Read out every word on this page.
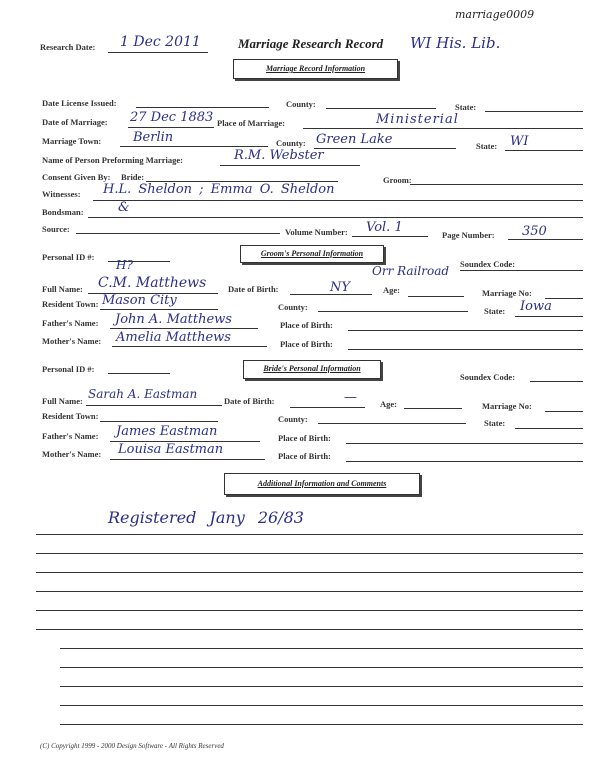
marriage0009
Research Date: 1 Dec 2011	Marriage Research Record WI His. Lib.
Marriage Record Information
Date License Issued:	County:	State:
Date of Marriage: 27 Dec 1883 Place of Marriage:	Ministerial
Marriage Town: Berlin	County: Green Lake	State: WI
Name of Person Preforming Marriage:	R.M. Webster
Consent Given By: Bride:	Groom:
Witnesses: H.L. Sheldon ; Emma O. Sheldon
Bondsman:	&
Source:	Volume Number: Vol. 1	Page Number: 350
Personal ID #:	Groom's Personal Information
Soundex Code:
H?	Orr Railroad
Full Name: C.M. Matthews	Date of Birth:	NY	Age:	Marriage No:
Resident Town: Mason City	County:	State: Iowa
Father's Name: John A. Matthews	Place of Birth:
Mother's Name: Amelia Matthews	Place of Birth:
Personal ID #:	Bride's Personal Information
Soundex Code:
Full Name: Sarah A. Eastman	Date of Birth:	—	Age:	Marriage No:
Resident Town:	County:	State:
Father's Name: James Eastman	Place of Birth:
Mother's Name: Louisa Eastman	Place of Birth:
Additional Information and Comments
Registered Jany 26/83
(C) Copyright 1999 - 2000 Design Software - All Rights Reserved
